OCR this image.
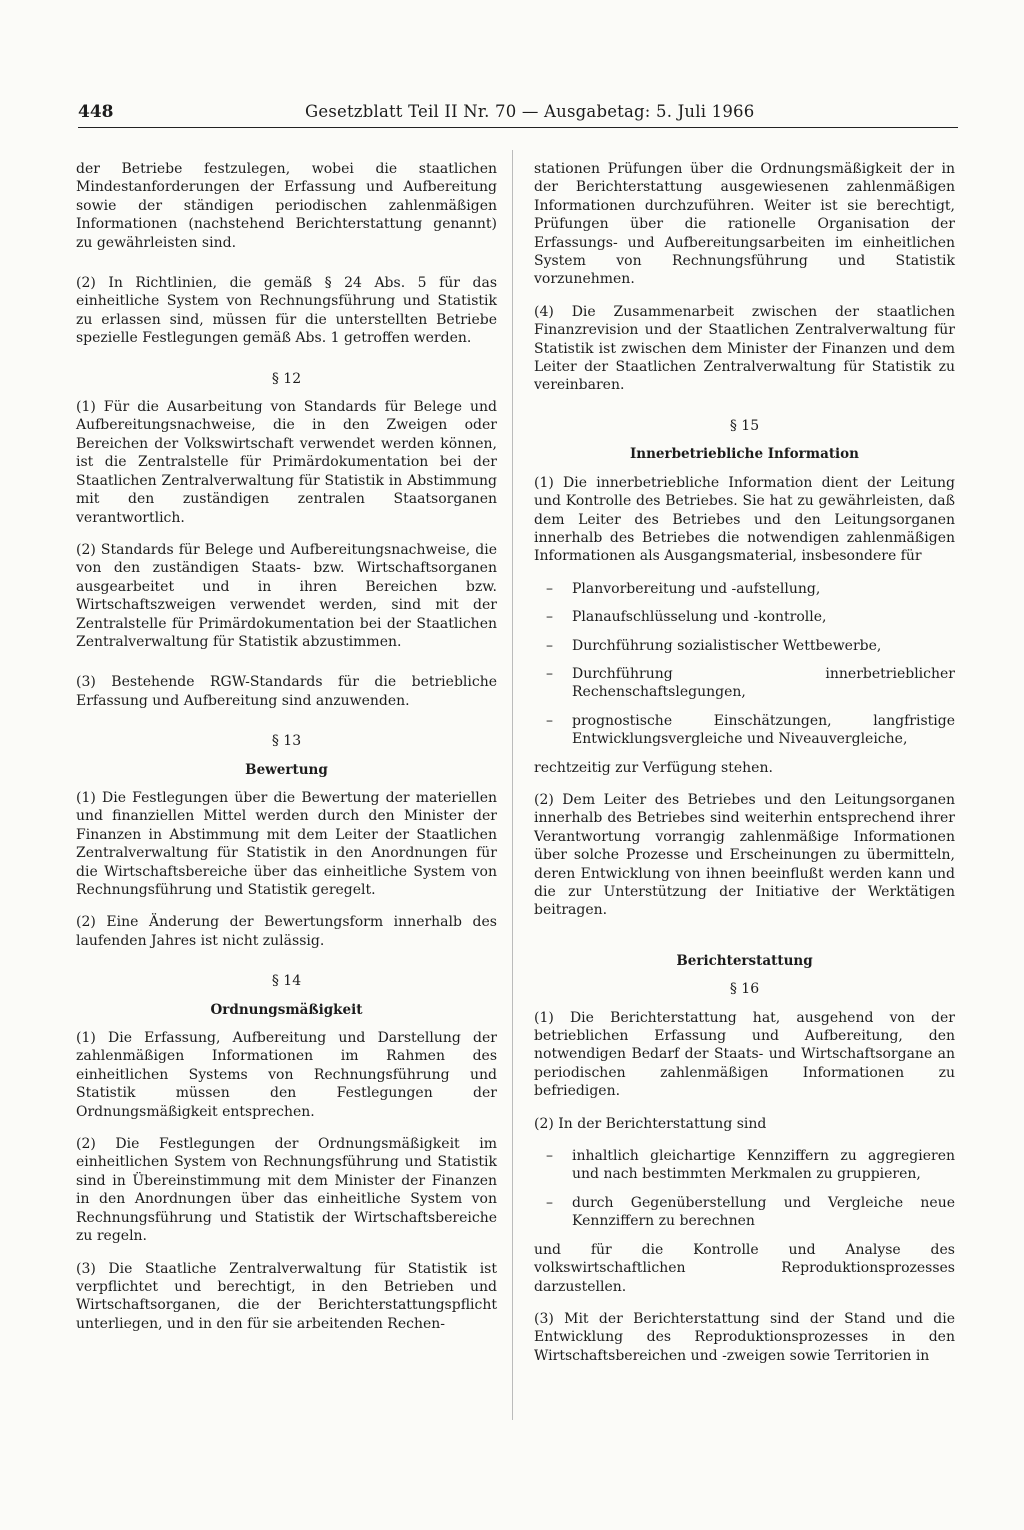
448	Gesetzblatt Teil II Nr. 70 — Ausgabetag: 5. Juli 1966

der Betriebe festzulegen, wobei die staatlichen Mindestanforderungen der Erfassung und Aufbereitung sowie der ständigen periodischen zahlenmäßigen Informationen (nachstehend Berichterstattung genannt) zu gewährleisten sind.

(2) In Richtlinien, die gemäß § 24 Abs. 5 für das einheitliche System von Rechnungsführung und Statistik zu erlassen sind, müssen für die unterstellten Betriebe spezielle Festlegungen gemäß Abs. 1 getroffen werden.

§ 12

(1) Für die Ausarbeitung von Standards für Belege und Aufbereitungsnachweise, die in den Zweigen oder Bereichen der Volkswirtschaft verwendet werden können, ist die Zentralstelle für Primärdokumentation bei der Staatlichen Zentralverwaltung für Statistik in Abstimmung mit den zuständigen zentralen Staatsorganen verantwortlich.

(2) Standards für Belege und Aufbereitungsnachweise, die von den zuständigen Staats- bzw. Wirtschaftsorganen ausgearbeitet und in ihren Bereichen bzw. Wirtschaftszweigen verwendet werden, sind mit der Zentralstelle für Primärdokumentation bei der Staatlichen Zentralverwaltung für Statistik abzustimmen.

(3) Bestehende RGW-Standards für die betriebliche Erfassung und Aufbereitung sind anzuwenden.

§ 13
Bewertung

(1) Die Festlegungen über die Bewertung der materiellen und finanziellen Mittel werden durch den Minister der Finanzen in Abstimmung mit dem Leiter der Staatlichen Zentralverwaltung für Statistik in den Anordnungen für die Wirtschaftsbereiche über das einheitliche System von Rechnungsführung und Statistik geregelt.

(2) Eine Änderung der Bewertungsform innerhalb des laufenden Jahres ist nicht zulässig.

§ 14
Ordnungsmäßigkeit

(1) Die Erfassung, Aufbereitung und Darstellung der zahlenmäßigen Informationen im Rahmen des einheitlichen Systems von Rechnungsführung und Statistik müssen den Festlegungen der Ordnungsmäßigkeit entsprechen.

(2) Die Festlegungen der Ordnungsmäßigkeit im einheitlichen System von Rechnungsführung und Statistik sind in Übereinstimmung mit dem Minister der Finanzen in den Anordnungen über das einheitliche System von Rechnungsführung und Statistik der Wirtschaftsbereiche zu regeln.

(3) Die Staatliche Zentralverwaltung für Statistik ist verpflichtet und berechtigt, in den Betrieben und Wirtschaftsorganen, die der Berichterstattungspflicht unterliegen, und in den für sie arbeitenden Rechen-

stationen Prüfungen über die Ordnungsmäßigkeit der in der Berichterstattung ausgewiesenen zahlenmäßigen Informationen durchzuführen. Weiter ist sie berechtigt, Prüfungen über die rationelle Organisation der Erfassungs- und Aufbereitungsarbeiten im einheitlichen System von Rechnungsführung und Statistik vorzunehmen.

(4) Die Zusammenarbeit zwischen der staatlichen Finanzrevision und der Staatlichen Zentralverwaltung für Statistik ist zwischen dem Minister der Finanzen und dem Leiter der Staatlichen Zentralverwaltung für Statistik zu vereinbaren.

§ 15
Innerbetriebliche Information

(1) Die innerbetriebliche Information dient der Leitung und Kontrolle des Betriebes. Sie hat zu gewährleisten, daß dem Leiter des Betriebes und den Leitungsorganen innerhalb des Betriebes die notwendigen zahlenmäßigen Informationen als Ausgangsmaterial, insbesondere für

– Planvorbereitung und -aufstellung,
– Planaufschlüsselung und -kontrolle,
– Durchführung sozialistischer Wettbewerbe,
– Durchführung innerbetrieblicher Rechenschaftslegungen,
– prognostische Einschätzungen, langfristige Entwicklungsvergleiche und Niveauvergleiche,

rechtzeitig zur Verfügung stehen.

(2) Dem Leiter des Betriebes und den Leitungsorganen innerhalb des Betriebes sind weiterhin entsprechend ihrer Verantwortung vorrangig zahlenmäßige Informationen über solche Prozesse und Erscheinungen zu übermitteln, deren Entwicklung von ihnen beeinflußt werden kann und die zur Unterstützung der Initiative der Werktätigen beitragen.

Berichterstattung
§ 16

(1) Die Berichterstattung hat, ausgehend von der betrieblichen Erfassung und Aufbereitung, den notwendigen Bedarf der Staats- und Wirtschaftsorgane an periodischen zahlenmäßigen Informationen zu befriedigen.

(2) In der Berichterstattung sind

– inhaltlich gleichartige Kennziffern zu aggregieren und nach bestimmten Merkmalen zu gruppieren,
– durch Gegenüberstellung und Vergleiche neue Kennziffern zu berechnen

und für die Kontrolle und Analyse des volkswirtschaftlichen Reproduktionsprozesses darzustellen.

(3) Mit der Berichterstattung sind der Stand und die Entwicklung des Reproduktionsprozesses in den Wirtschaftsbereichen und -zweigen sowie Territorien in
